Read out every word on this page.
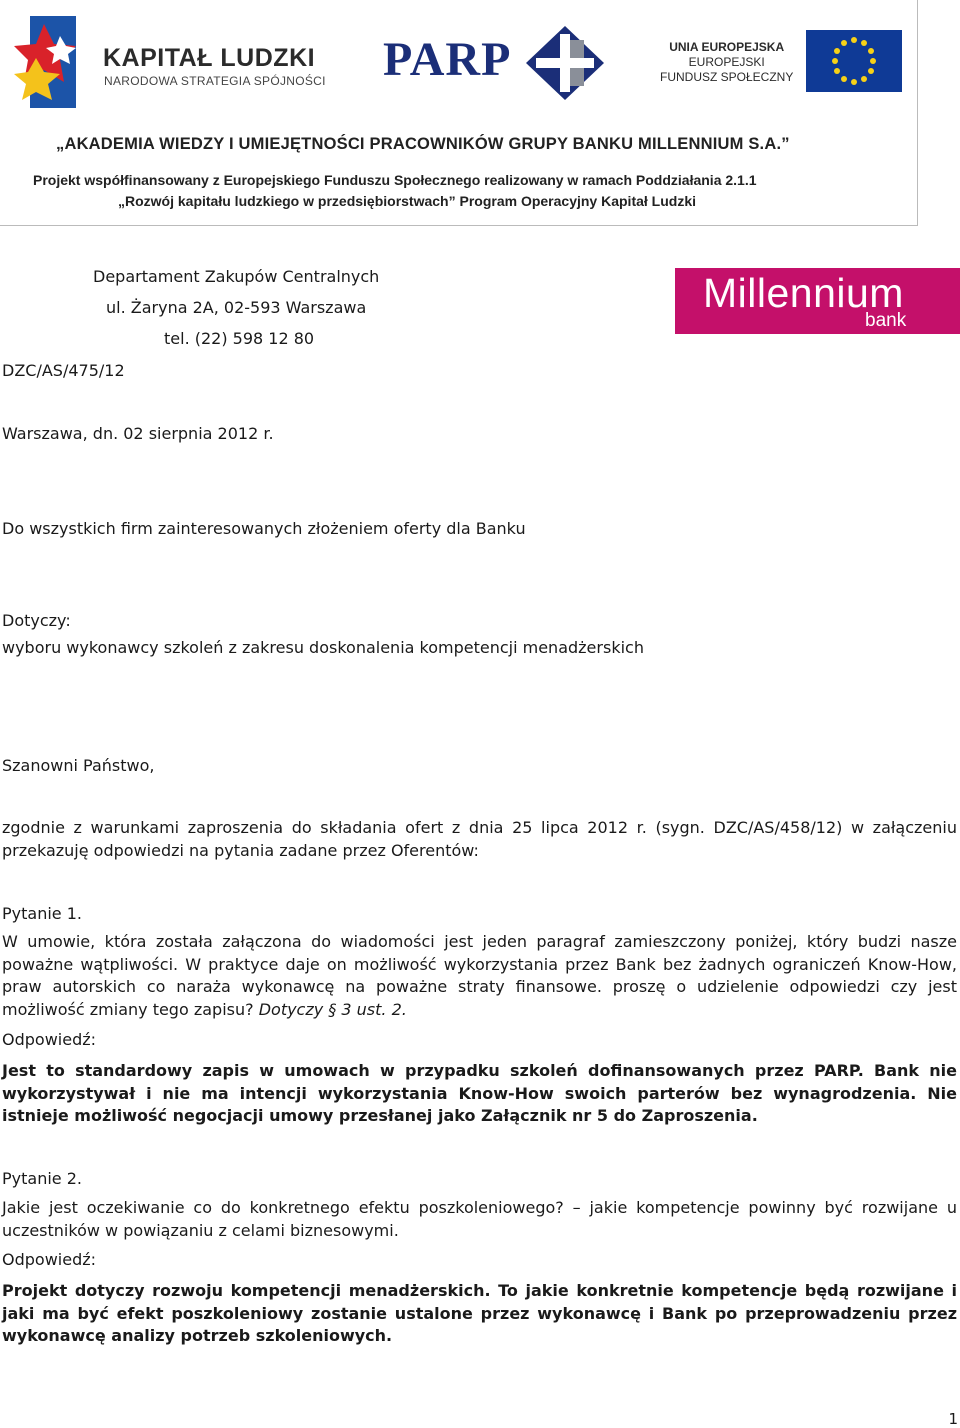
KAPITAŁ LUDZKI
NARODOWA STRATEGIA SPÓJNOŚCI PARP	UNIA EUROPEJSKA
EUROPEJSKI
FUNDUSZ SPOŁECZNY
„AKADEMIA WIEDZY I UMIEJĘTNOŚCI PRACOWNIKÓW GRUPY BANKU MILLENNIUM S.A.”
Projekt współfinansowany z Europejskiego Funduszu Społecznego realizowany w ramach Poddziałania 2.1.1
„Rozwój kapitału ludzkiego w przedsiębiorstwach” Program Operacyjny Kapitał Ludzki
Departament Zakupów Centralnych
ul. Żaryna 2A, 02-593 Warszawa
tel. (22) 598 12 80
Millennium
bank
DZC/AS/475/12
Warszawa, dn. 02 sierpnia 2012 r.
Do wszystkich firm zainteresowanych złożeniem oferty dla Banku
Dotyczy:
wyboru wykonawcy szkoleń z zakresu doskonalenia kompetencji menadżerskich
Szanowni Państwo,
zgodnie z warunkami zaproszenia do składania ofert z dnia 25 lipca 2012 r. (sygn. DZC/AS/458/12) w załączeniu przekazuję odpowiedzi na pytania zadane przez Oferentów:
Pytanie 1.
W umowie, która została załączona do wiadomości jest jeden paragraf zamieszczony poniżej, który budzi nasze poważne wątpliwości. W praktyce daje on możliwość wykorzystania przez Bank bez żadnych ograniczeń Know-How, praw autorskich co naraża wykonawcę na poważne straty finansowe. proszę o udzielenie odpowiedzi czy jest możliwość zmiany tego zapisu? Dotyczy § 3 ust. 2.
Odpowiedź:
Jest to standardowy zapis w umowach w przypadku szkoleń dofinansowanych przez PARP. Bank nie wykorzystywał i nie ma intencji wykorzystania Know-How swoich parterów bez wynagrodzenia. Nie istnieje możliwość negocjacji umowy przesłanej jako Załącznik nr 5 do Zaproszenia.
Pytanie 2.
Jakie jest oczekiwanie co do konkretnego efektu poszkoleniowego? – jakie kompetencje powinny być rozwijane u uczestników w powiązaniu z celami biznesowymi.
Odpowiedź:
Projekt dotyczy rozwoju kompetencji menadżerskich. To jakie konkretnie kompetencje będą rozwijane i jaki ma być efekt poszkoleniowy zostanie ustalone przez wykonawcę i Bank po przeprowadzeniu przez wykonawcę analizy potrzeb szkoleniowych.
1
